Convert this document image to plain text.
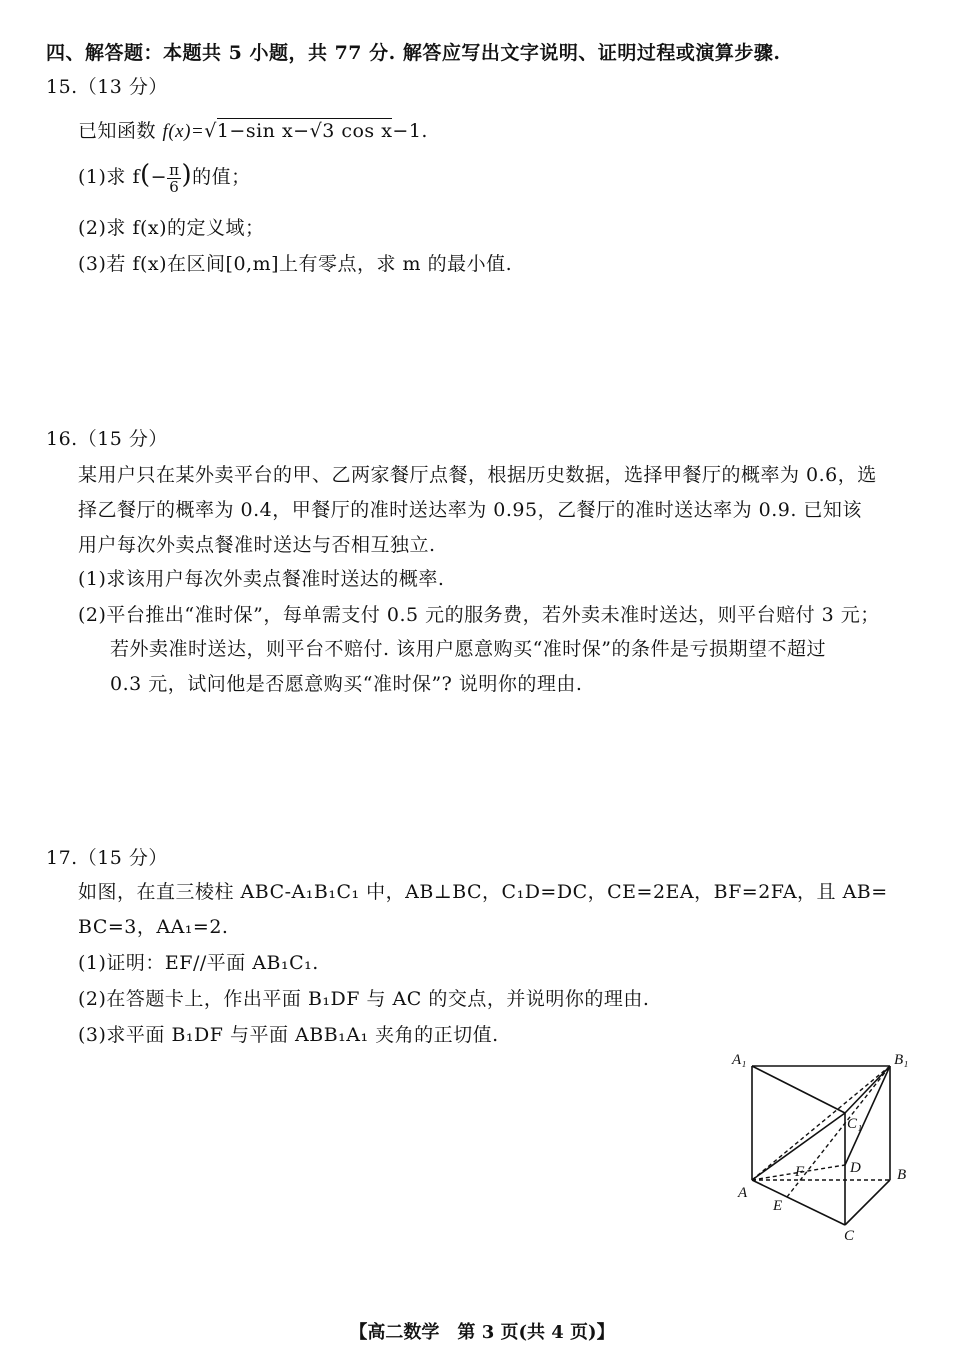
四、解答题：本题共 5 小题，共 77 分. 解答应写出文字说明、证明过程或演算步骤.
15.（13 分）
已知函数 f(x)=√1−sin x−√3 cos x−1.
(1)求 $f(- \frac{\pi}{6}$ )的值；
(2)求 f(x)的定义域；
(3)若 f(x)在区间[0,m]上有零点，求 m 的最小值.
16.（15 分）
某用户只在某外卖平台的甲、乙两家餐厅点餐，根据历史数据，选择甲餐厅的概率为 0.6，选
择乙餐厅的概率为 0.4，甲餐厅的准时送达率为 0.95，乙餐厅的准时送达率为 0.9. 已知该
用户每次外卖点餐准时送达与否相互独立.
(1)求该用户每次外卖点餐准时送达的概率.
(2)平台推出“准时保”，每单需支付 0.5 元的服务费，若外卖未准时送达，则平台赔付 3 元；
若外卖准时送达，则平台不赔付. 该用户愿意购买“准时保”的条件是亏损期望不超过
0.3 元，试问他是否愿意购买“准时保”? 说明你的理由.
17.（15 分）
如图，在直三棱柱 ABC-A₁B₁C₁ 中，AB⊥BC，C₁D=DC，CE=2EA，BF=2FA，且 AB=
BC=3，AA₁=2.
(1)证明：EF//平面 AB₁C₁.
(2)在答题卡上，作出平面 B₁DF 与 AC 的交点，并说明你的理由.
(3)求平面 B₁DF 与平面 ABB₁A₁ 夹角的正切值.
A₁	B₁
C₁
A
B
C
D
E
F
【高二数学　第 3 页(共 4 页)】
